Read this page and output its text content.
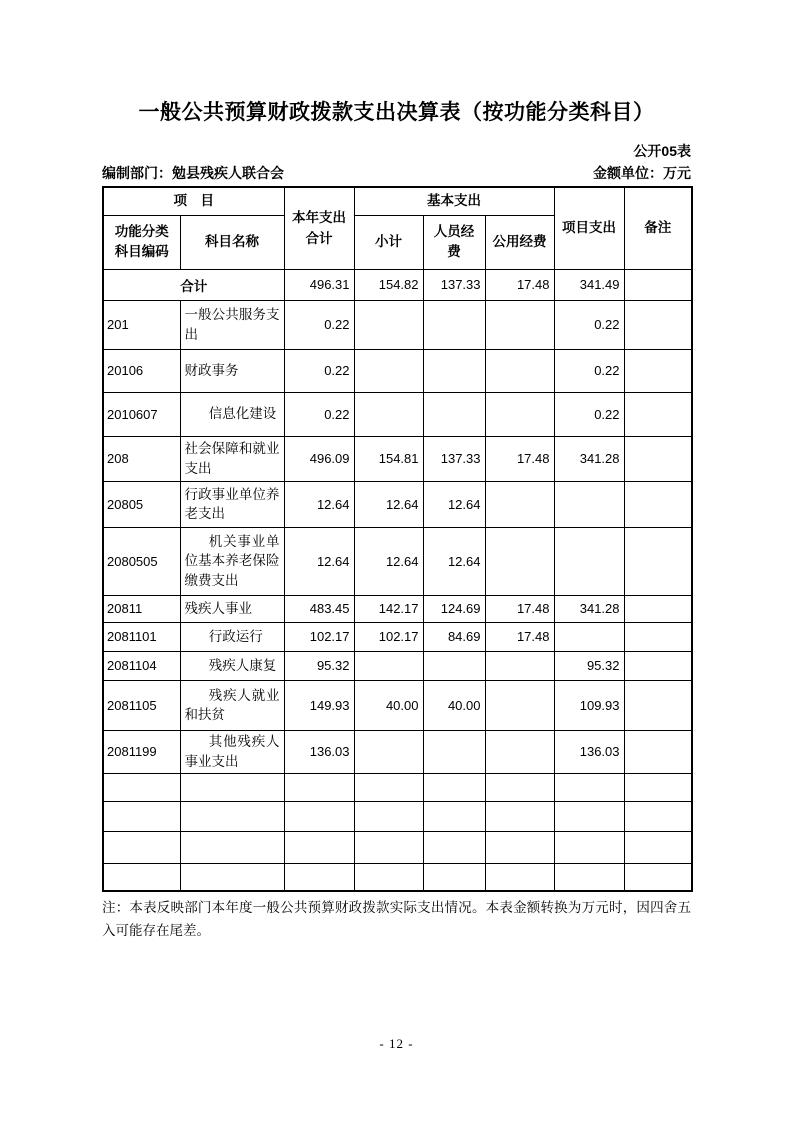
一般公共预算财政拨款支出决算表（按功能分类科目）
公开05表
编制部门：勉县残疾人联合会	金额单位：万元
项　目		本年支出合计	基本支出			项目支出	备注
功能分类科目编码	科目名称		小计	人员经费	公用经费		
合计		496.31	154.82	137.33	17.48	341.49	
201	一般公共服务支出	0.22				0.22	
20106	财政事务	0.22				0.22	
2010607	信息化建设	0.22				0.22	
208	社会保障和就业支出	496.09	154.81	137.33	17.48	341.28	
20805	行政事业单位养老支出	12.64	12.64	12.64			
2080505	机关事业单位基本养老保险缴费支出	12.64	12.64	12.64			
20811	残疾人事业	483.45	142.17	124.69	17.48	341.28	
2081101	行政运行	102.17	102.17	84.69	17.48		
2081104	残疾人康复	95.32				95.32	
2081105	残疾人就业和扶贫	149.93	40.00	40.00		109.93	
2081199	其他残疾人事业支出	136.03				136.03	

注：本表反映部门本年度一般公共预算财政拨款实际支出情况。本表金额转换为万元时，因四舍五入可能存在尾差。

- 12 -
